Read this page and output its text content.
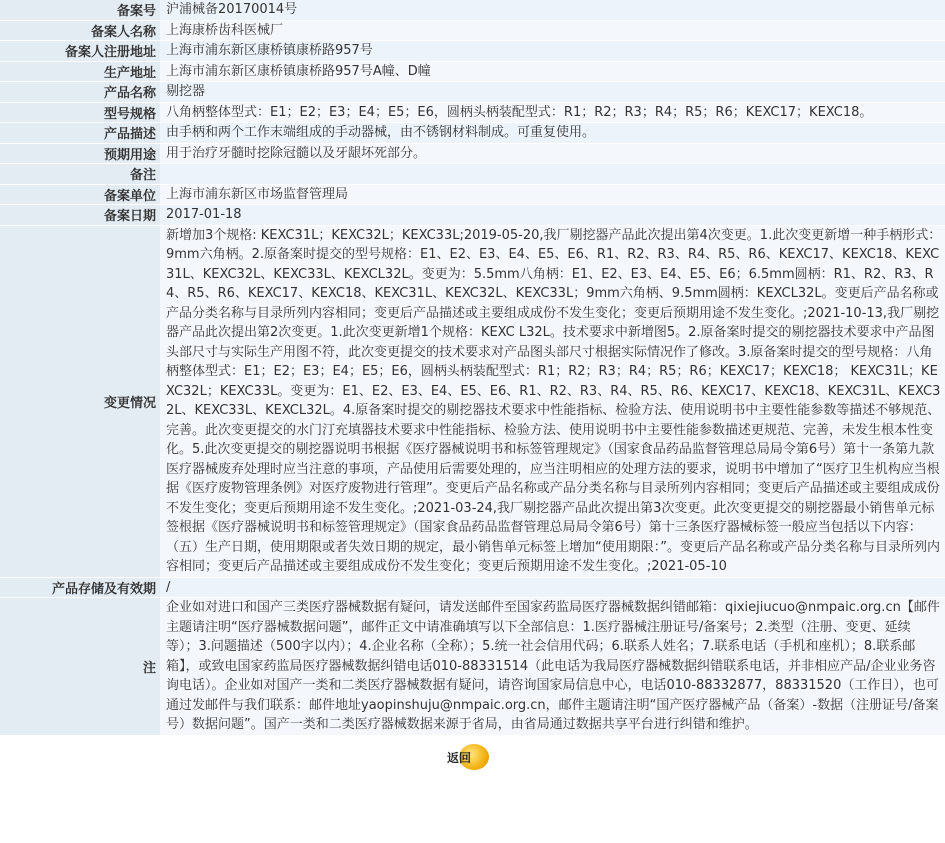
备案号	沪浦械备20170014号
备案人名称	上海康桥齿科医械厂
备案人注册地址	上海市浦东新区康桥镇康桥路957号
生产地址	上海市浦东新区康桥镇康桥路957号A幢、D幢
产品名称	剔挖器
型号规格	八角柄整体型式：E1；E2；E3；E4；E5；E6，圆柄头柄装配型式：R1；R2；R3；R4；R5；R6；KEXC17；KEXC18。
产品描述	由手柄和两个工作末端组成的手动器械，由不锈钢材料制成。可重复使用。
预期用途	用于治疗牙髓时挖除冠髓以及牙龈坏死部分。
备注	
备案单位	上海市浦东新区市场监督管理局
备案日期	2017-01-18
变更情况	新增加3个规格: KEXC31L；KEXC32L；KEXC33L;2019-05-20,我厂剔挖器产品此次提出第4次变更。1.此次变更新增一种手柄形式：9mm六角柄。2.原备案时提交的型号规格：E1、E2、E3、E4、E5、E6、R1、R2、R3、R4、R5、R6、KEXC17、KEXC18、KEXC31L、KEXC32L、KEXC33L、KEXCL32L。变更为：5.5mm八角柄：E1、E2、E3、E4、E5、E6；6.5mm圆柄：R1、R2、R3、R4、R5、R6、KEXC17、KEXC18、KEXC31L、KEXC32L、KEXC33L；9mm六角柄、9.5mm圆柄：KEXCL32L。变更后产品名称或产品分类名称与目录所列内容相同；变更后产品描述或主要组成成份不发生变化；变更后预期用途不发生变化。;2021-10-13,我厂剔挖器产品此次提出第2次变更。1.此次变更新增1个规格：KEXC L32L。技术要求中新增图5。2.原备案时提交的剔挖器技术要求中产品图头部尺寸与实际生产用图不符，此次变更提交的技术要求对产品图头部尺寸根据实际情况作了修改。3.原备案时提交的型号规格：八角柄整体型式：E1；E2；E3；E4；E5；E6，圆柄头柄装配型式：R1；R2；R3；R4；R5；R6；KEXC17；KEXC18； KEXC31L；KEXC32L；KEXC33L。变更为：E1、E2、E3、E4、E5、E6、R1、R2、R3、R4、R5、R6、KEXC17、KEXC18、KEXC31L、KEXC32L、KEXC33L、KEXCL32L。4.原备案时提交的剔挖器技术要求中性能指标、检验方法、使用说明书中主要性能参数等描述不够规范、完善。此次变更提交的水门汀充填器技术要求中性能指标、检验方法、使用说明书中主要性能参数描述更规范、完善，未发生根本性变化。5.此次变更提交的剔挖器说明书根据《医疗器械说明书和标签管理规定》（国家食品药品监督管理总局局令第6号）第十一条第九款医疗器械废弃处理时应当注意的事项，产品使用后需要处理的，应当注明相应的处理方法的要求，说明书中增加了“医疗卫生机构应当根据《医疗废物管理条例》对医疗废物进行管理”。变更后产品名称或产品分类名称与目录所列内容相同；变更后产品描述或主要组成成份不发生变化；变更后预期用途不发生变化。;2021-03-24,我厂剔挖器产品此次提出第3次变更。此次变更提交的剔挖器最小销售单元标签根据《医疗器械说明书和标签管理规定》（国家食品药品监督管理总局局令第6号）第十三条医疗器械标签一般应当包括以下内容：（五）生产日期，使用期限或者失效日期的规定，最小销售单元标签上增加“使用期限：”。变更后产品名称或产品分类名称与目录所列内容相同；变更后产品描述或主要组成成份不发生变化；变更后预期用途不发生变化。;2021-05-10
产品存储及有效期	/
注	企业如对进口和国产三类医疗器械数据有疑问，请发送邮件至国家药监局医疗器械数据纠错邮箱：qixiejiucuo@nmpaic.org.cn【邮件主题请注明“医疗器械数据问题”，邮件正文中请准确填写以下全部信息：1.医疗器械注册证号/备案号；2.类型（注册、变更、延续等）；3.问题描述（500字以内）；4.企业名称（全称）；5.统一社会信用代码；6.联系人姓名；7.联系电话（手机和座机）；8.联系邮箱】，或致电国家药监局医疗器械数据纠错电话010-88331514（此电话为我局医疗器械数据纠错联系电话，并非相应产品/企业业务咨询电话）。企业如对国产一类和二类医疗器械数据有疑问，请咨询国家局信息中心，电话010-88332877，88331520（工作日），也可通过发邮件与我们联系：邮件地址yaopinshuju@nmpaic.org.cn，邮件主题请注明“国产医疗器械产品（备案）-数据（注册证号/备案号）数据问题”。国产一类和二类医疗器械数据来源于省局，由省局通过数据共享平台进行纠错和维护。
返回
